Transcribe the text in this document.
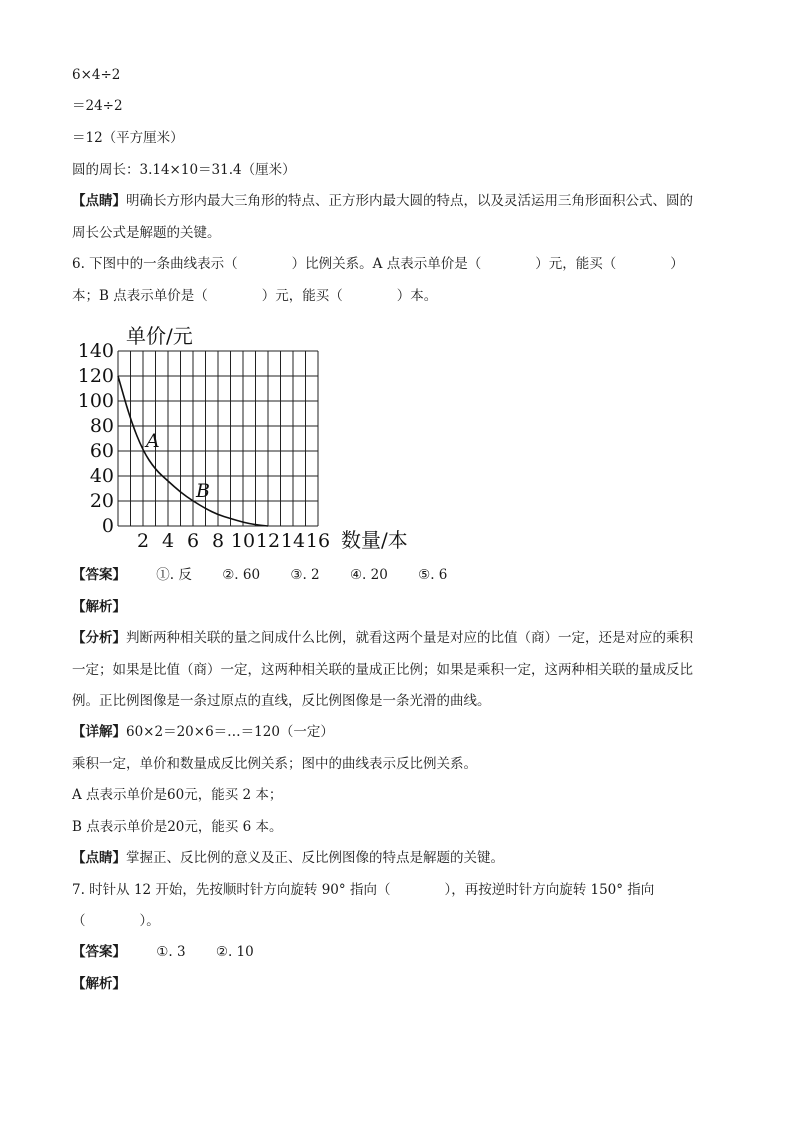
6×4÷2
＝24÷2
＝12（平方厘米）
圆的周长：3.14×10＝31.4（厘米）
【点睛】明确长方形内最大三角形的特点、正方形内最大圆的特点，以及灵活运用三角形面积公式、圆的
周长公式是解题的关键。
6. 下图中的一条曲线表示（　　　　）比例关系。A 点表示单价是（　　　　）元，能买（　　　　）
本；B 点表示单价是（　　　　）元，能买（　　　　）本。
0
20
40
60
80
100
120
140
2 4 6 8 10 12 14 16
A
B
单价/元
数量/本
【答案】 ①. 反 ②. 60 ③. 2 ④. 20 ⑤. 6
【解析】
【分析】判断两种相关联的量之间成什么比例，就看这两个量是对应的比值（商）一定，还是对应的乘积
一定；如果是比值（商）一定，这两种相关联的量成正比例；如果是乘积一定，这两种相关联的量成反比
例。正比例图像是一条过原点的直线，反比例图像是一条光滑的曲线。
【详解】60×2＝20×6＝…＝120（一定）
乘积一定，单价和数量成反比例关系；图中的曲线表示反比例关系。
A 点表示单价是60元，能买 2 本；
B 点表示单价是20元，能买 6 本。
【点睛】掌握正、反比例的意义及正、反比例图像的特点是解题的关键。
7. 时针从 12 开始，先按顺时针方向旋转 90° 指向（　　　　），再按逆时针方向旋转 150° 指向
（　　　　）。
【答案】 ①. 3 ②. 10
【解析】
